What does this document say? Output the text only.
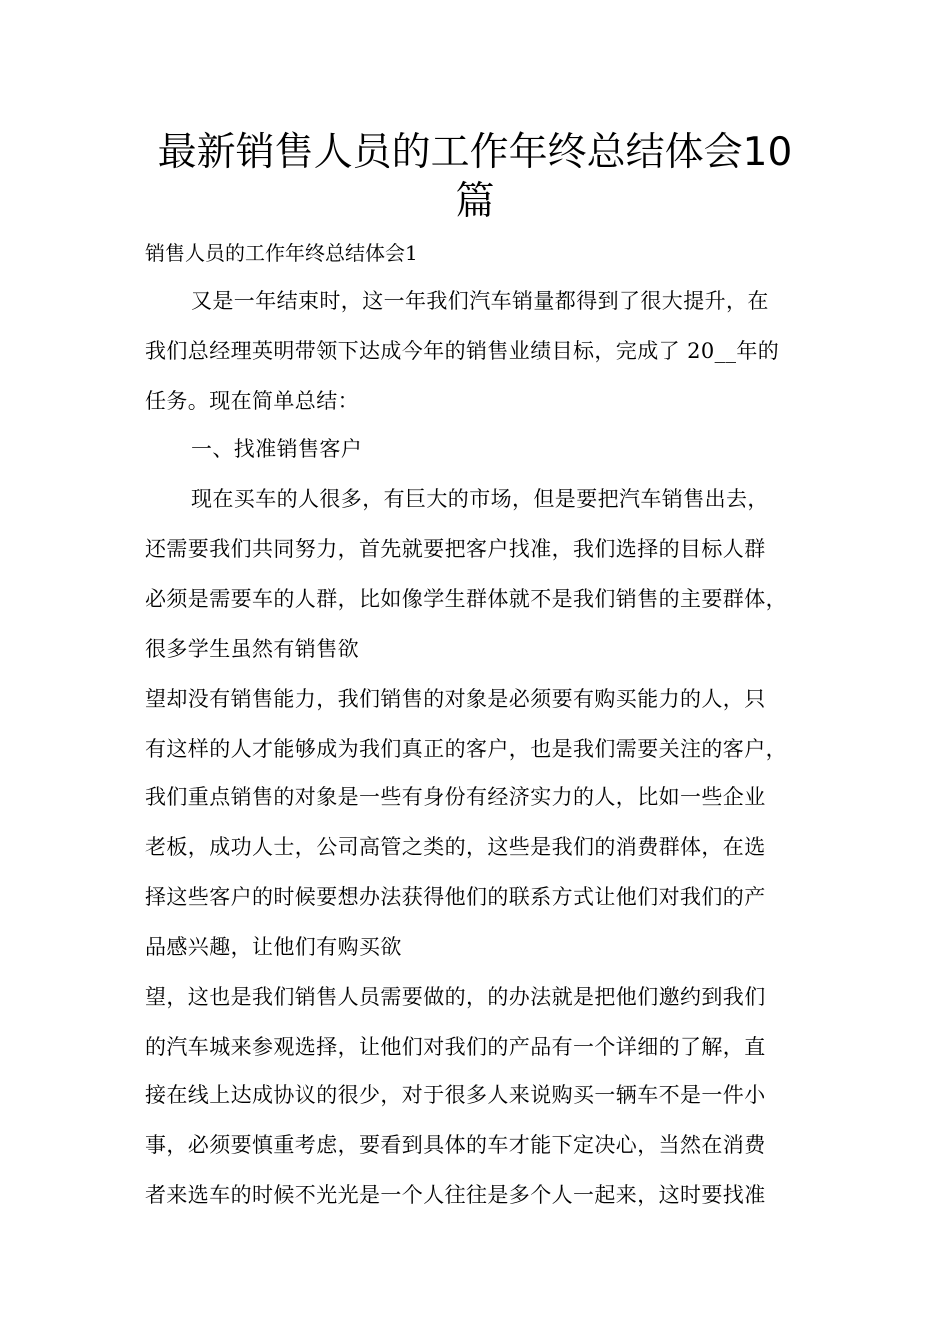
最新销售人员的工作年终总结体会10
篇

销售人员的工作年终总结体会1

又是一年结束时，这一年我们汽车销量都得到了很大提升，在

我们总经理英明带领下达成今年的销售业绩目标，完成了 20__年的

任务。现在简单总结：

一、找准销售客户

现在买车的人很多，有巨大的市场，但是要把汽车销售出去，

还需要我们共同努力，首先就要把客户找准，我们选择的目标人群

必须是需要车的人群，比如像学生群体就不是我们销售的主要群体，

很多学生虽然有销售欲

望却没有销售能力，我们销售的对象是必须要有购买能力的人，只

有这样的人才能够成为我们真正的客户，也是我们需要关注的客户，

我们重点销售的对象是一些有身份有经济实力的人，比如一些企业

老板，成功人士，公司高管之类的，这些是我们的消费群体，在选

择这些客户的时候要想办法获得他们的联系方式让他们对我们的产

品感兴趣，让他们有购买欲

望，这也是我们销售人员需要做的，的办法就是把他们邀约到我们

的汽车城来参观选择，让他们对我们的产品有一个详细的了解，直

接在线上达成协议的很少，对于很多人来说购买一辆车不是一件小

事，必须要慎重考虑，要看到具体的车才能下定决心，当然在消费

者来选车的时候不光光是一个人往往是多个人一起来，这时要找准
